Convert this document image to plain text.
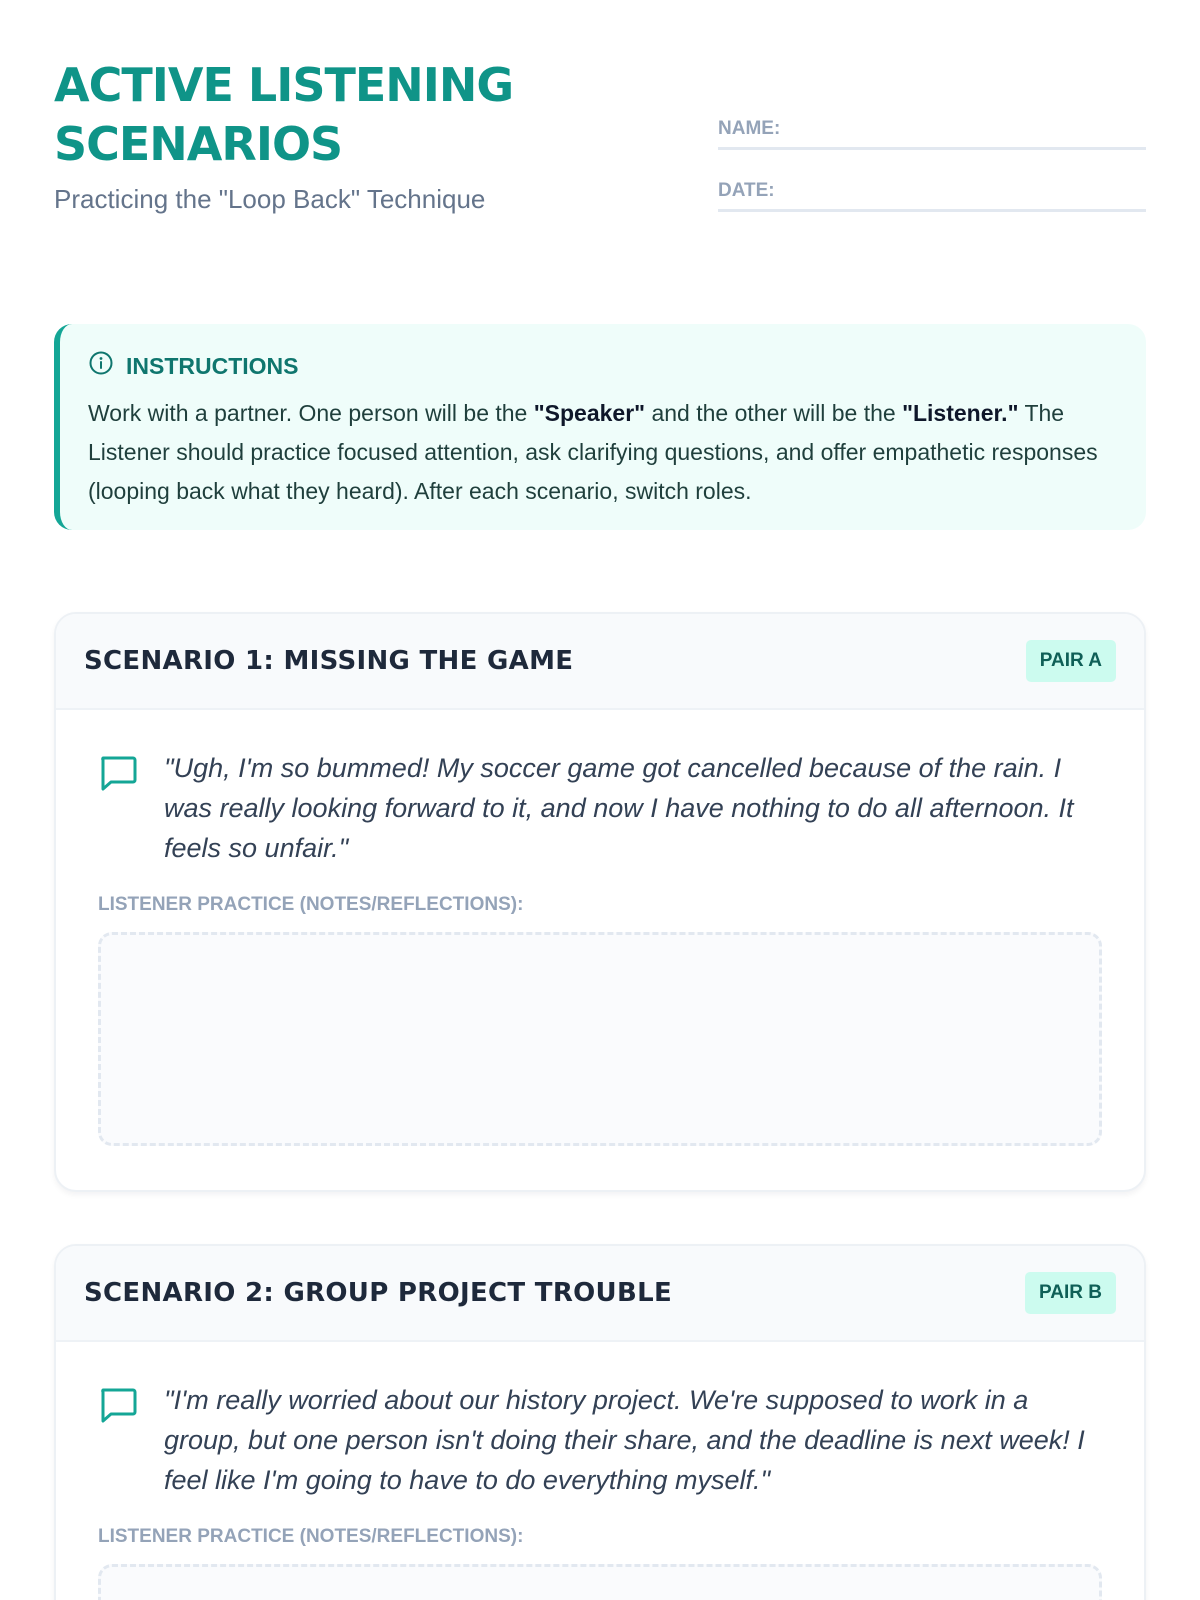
ACTIVE LISTENING SCENARIOS
Practicing the "Loop Back" Technique
NAME:
DATE:
INSTRUCTIONS

Work with a partner. One person will be the "Speaker" and the other will be the "Listener." The Listener should practice focused attention, ask clarifying questions, and offer empathetic responses (looping back what they heard). After each scenario, switch roles.

SCENARIO 1: MISSING THE GAME	PAIR A

"Ugh, I'm so bummed! My soccer game got cancelled because of the rain. I was really looking forward to it, and now I have nothing to do all afternoon. It feels so unfair."

LISTENER PRACTICE (NOTES/REFLECTIONS):
SCENARIO 2: GROUP PROJECT TROUBLE	PAIR B

"I'm really worried about our history project. We're supposed to work in a group, but one person isn't doing their share, and the deadline is next week! I feel like I'm going to have to do everything myself."

LISTENER PRACTICE (NOTES/REFLECTIONS):
